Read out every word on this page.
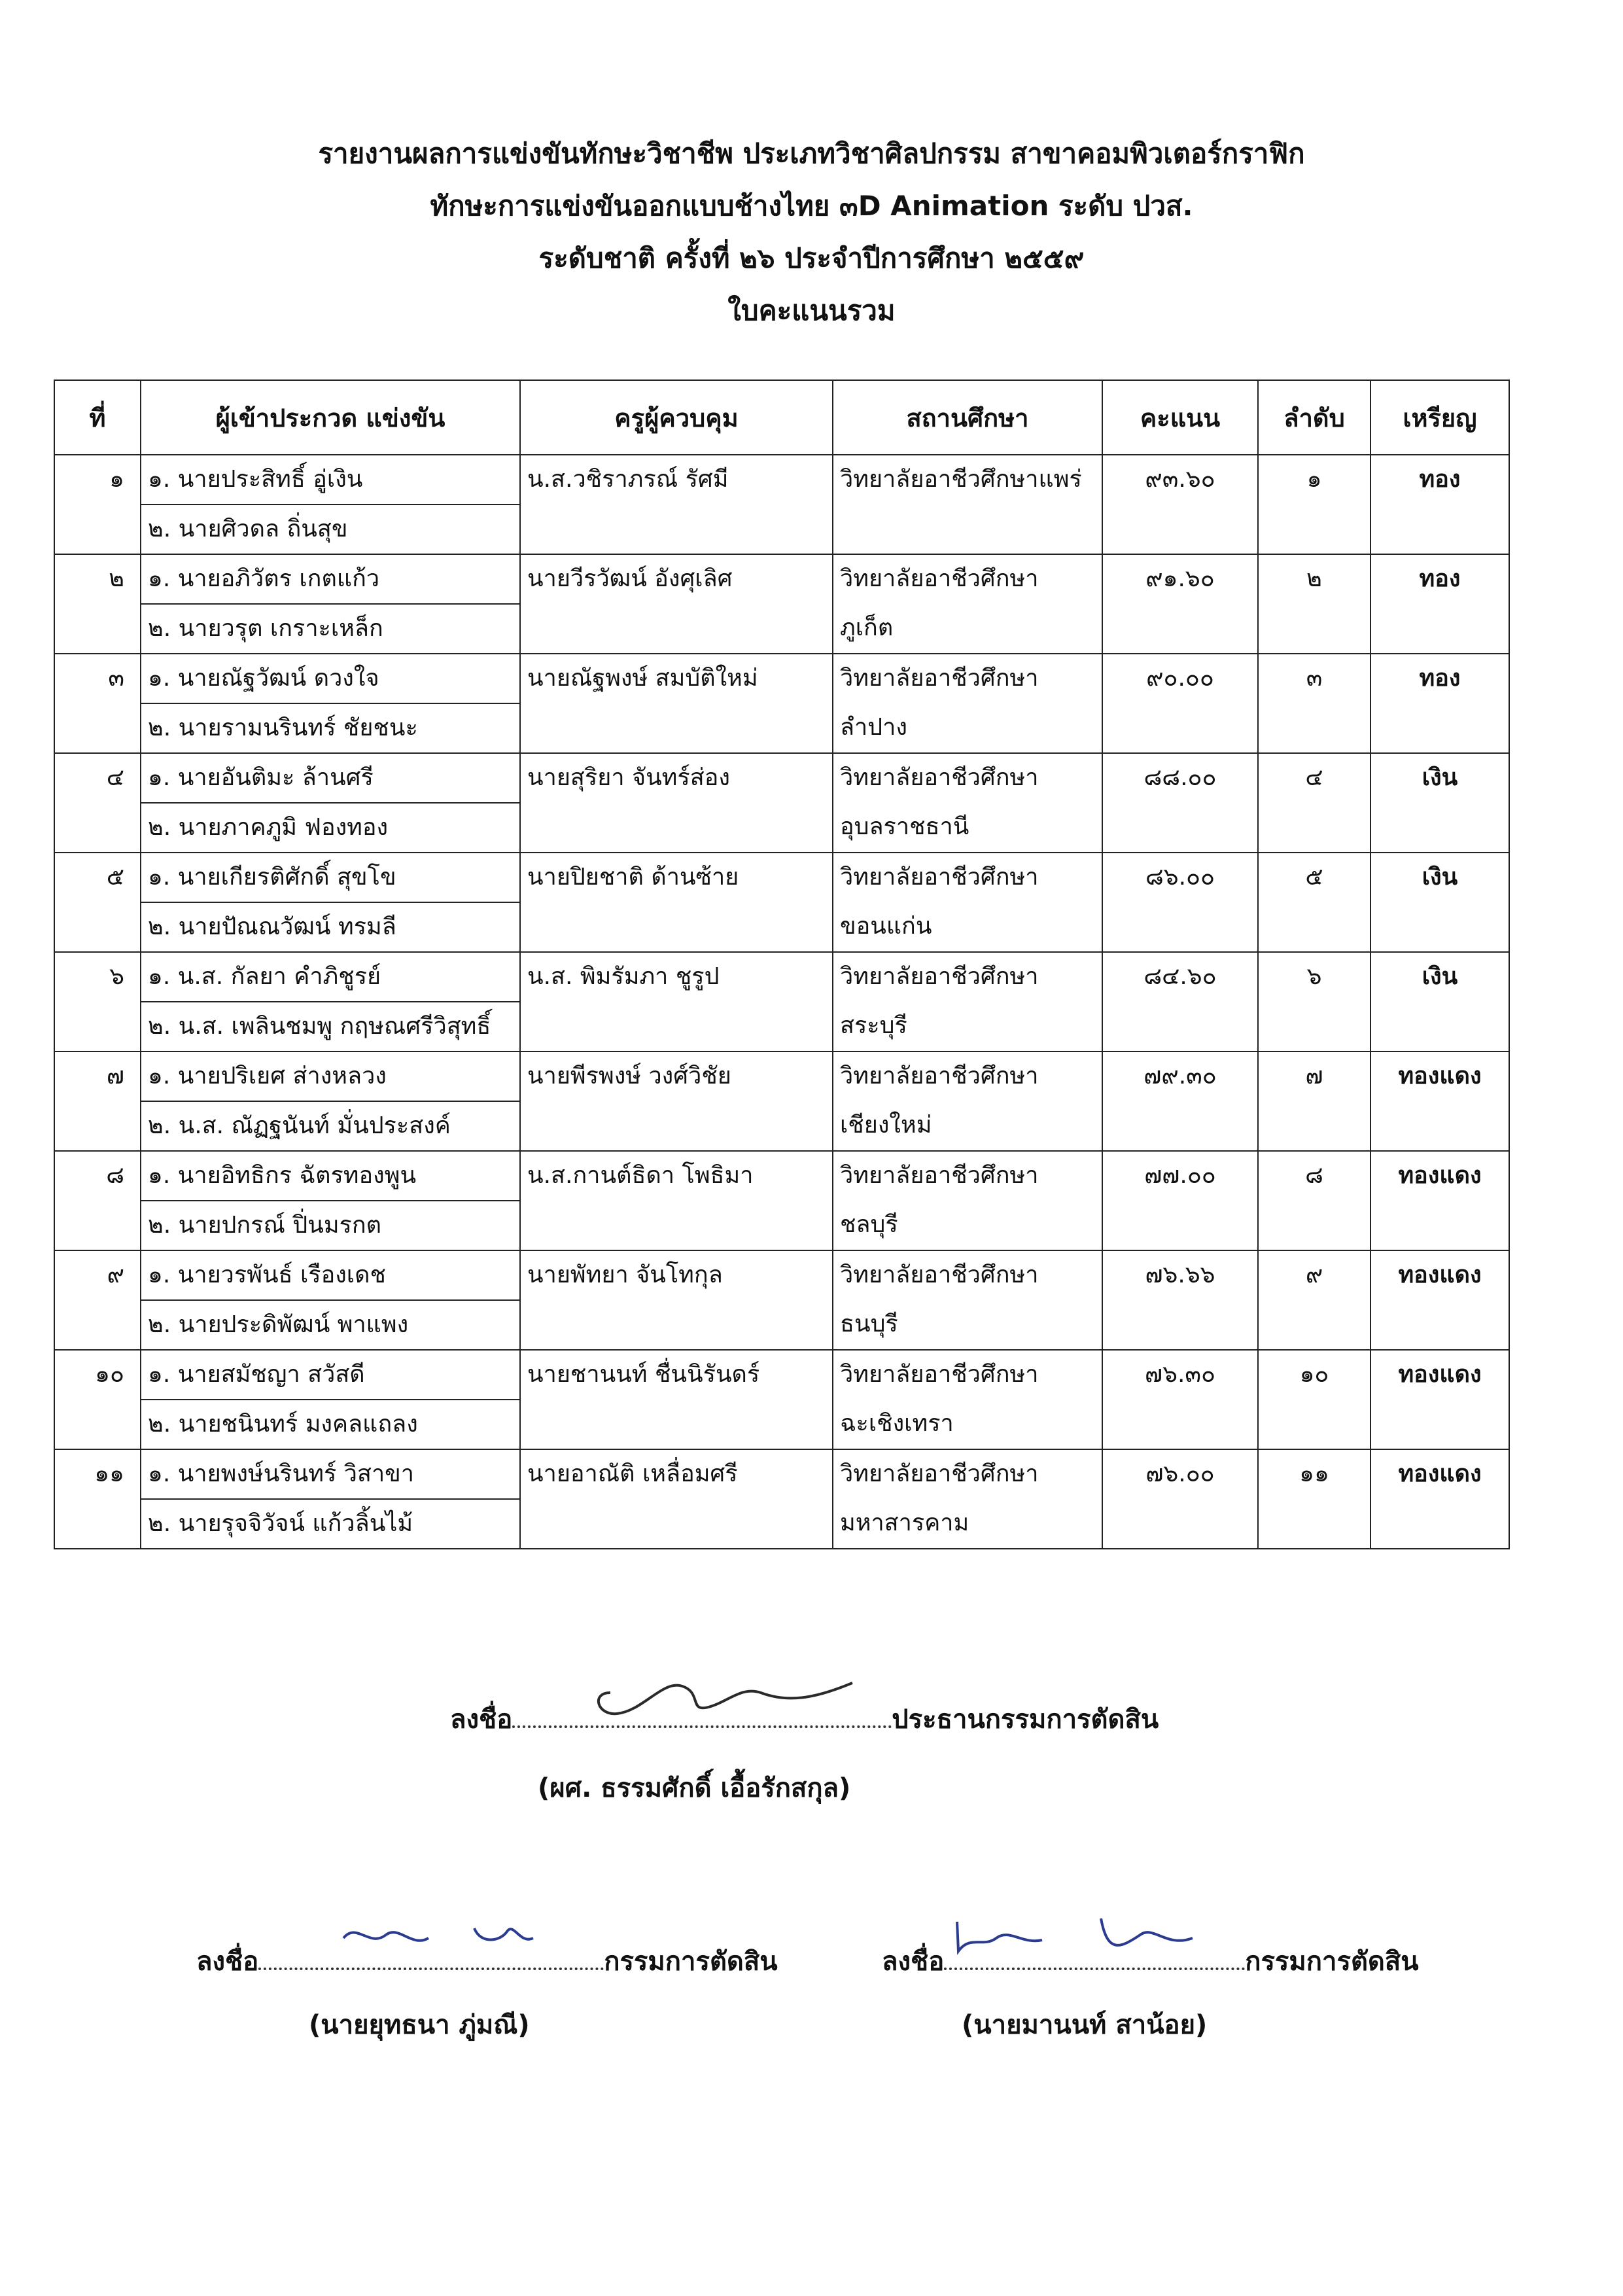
รายงานผลการแข่งขันทักษะวิชาชีพ ประเภทวิชาศิลปกรรม สาขาคอมพิวเตอร์กราฟิก
ทักษะการแข่งขันออกแบบช้างไทย ๓D Animation ระดับ ปวส.
ระดับชาติ ครั้งที่ ๒๖ ประจำปีการศึกษา ๒๕๕๙
ใบคะแนนรวม
ที่	ผู้เข้าประกวด แข่งขัน	ครูผู้ควบคุม	สถานศึกษา	คะแนน	ลำดับ	เหรียญ
๑	๑. นายประสิทธิ์ อู่เงิน	น.ส.วชิราภรณ์ รัศมี	วิทยาลัยอาชีวศึกษาแพร่	๙๓.๖๐	๑	ทอง
	๒. นายศิวดล ถิ่นสุข					
๒	๑. นายอภิวัตร เกตแก้ว	นายวีรวัฒน์ อังศุเลิศ	วิทยาลัยอาชีวศึกษา	๙๑.๖๐	๒	ทอง
	๒. นายวรุต เกราะเหล็ก		ภูเก็ต			
๓	๑. นายณัฐวัฒน์ ดวงใจ	นายณัฐพงษ์ สมบัติใหม่	วิทยาลัยอาชีวศึกษา	๙๐.๐๐	๓	ทอง
	๒. นายรามนรินทร์ ชัยชนะ		ลำปาง			
๔	๑. นายอันติมะ ล้านศรี	นายสุริยา จันทร์ส่อง	วิทยาลัยอาชีวศึกษา	๘๘.๐๐	๔	เงิน
	๒. นายภาคภูมิ ฟองทอง		อุบลราชธานี			
๕	๑. นายเกียรติศักดิ์ สุขโข	นายปิยชาติ ด้านซ้าย	วิทยาลัยอาชีวศึกษา	๘๖.๐๐	๕	เงิน
	๒. นายปัณณวัฒน์ ทรมลี		ขอนแก่น			
๖	๑. น.ส. กัลยา คำภิชูรย์	น.ส. พิมรัมภา ชูรูป	วิทยาลัยอาชีวศึกษา	๘๔.๖๐	๖	เงิน
	๒. น.ส. เพลินชมพู กฤษณศรีวิสุทธิ์		สระบุรี			
๗	๑. นายปริเยศ ส่างหลวง	นายพีรพงษ์ วงศ์วิชัย	วิทยาลัยอาชีวศึกษา	๗๙.๓๐	๗	ทองแดง
	๒. น.ส. ณัฏฐนันท์ มั่นประสงค์		เชียงใหม่			
๘	๑. นายอิทธิกร ฉัตรทองพูน	น.ส.กานต์ธิดา โพธิมา	วิทยาลัยอาชีวศึกษา	๗๗.๐๐	๘	ทองแดง
	๒. นายปกรณ์ ปิ่นมรกต		ชลบุรี			
๙	๑. นายวรพันธ์ เรืองเดช	นายพัทยา จันโทกุล	วิทยาลัยอาชีวศึกษา	๗๖.๖๖	๙	ทองแดง
	๒. นายประดิพัฒน์ พาแพง		ธนบุรี			
๑๐	๑. นายสมัชญา สวัสดี	นายชานนท์ ชื่นนิรันดร์	วิทยาลัยอาชีวศึกษา	๗๖.๓๐	๑๐	ทองแดง
	๒. นายชนินทร์ มงคลแถลง		ฉะเชิงเทรา			
๑๑	๑. นายพงษ์นรินทร์ วิสาขา	นายอาณัติ เหลื่อมศรี	วิทยาลัยอาชีวศึกษา	๗๖.๐๐	๑๑	ทองแดง
	๒. นายรุจจิวัจน์ แก้วลิ้นไม้		มหาสารคาม			
ลงชื่อ	ประธานกรรมการตัดสิน
(ผศ. ธรรมศักดิ์ เอื้อรักสกุล)
ลงชื่อ	กรรมการตัดสิน
(นายยุทธนา ภู่มณี)
ลงชื่อ	กรรมการตัดสิน
(นายมานนท์ สาน้อย)
